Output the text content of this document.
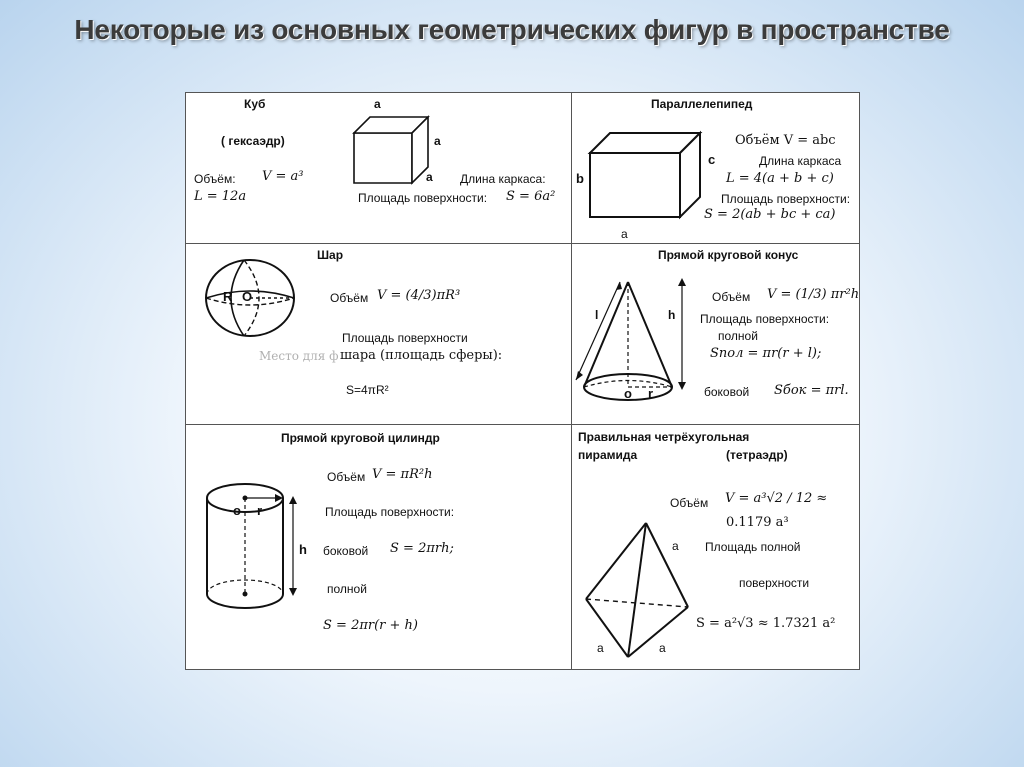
Некоторые из основных геометрических фигур в пространстве
Куб	a
( гексаэдр)	a
a
Объём: V = a³	Длина каркаса:
L = 12a	Площадь поверхности: S = 6a²
Параллелепипед
b
c
a
Объём V = abc
Длина каркаса
L = 4(a + b + c)
Площадь поверхности:
S = 2(ab + bc + ca)
Шар
R O	Объём V = (4/3)πR³
Площадь поверхности
Место для ф шара (площадь сферы):
S=4πR²
Прямой круговой конус
l	h
o r
Объём V = (1/3) πr²h
Площадь поверхности:
полной
Sпол = πr(r + l);
боковой Sбок = πrl.
Прямой круговой цилиндр
o r
h
Объём V = πR²h
Площадь поверхности:
боковой S = 2πrh;
полной
S = 2πr(r + h)
Правильная четрёхугольная
пирамида	(тетраэдр)
Объём V = a³√2 / 12 ≈
0.1179 a³
a Площадь полной
поверхности
S = a²√3 ≈ 1.7321 a²
a	a
